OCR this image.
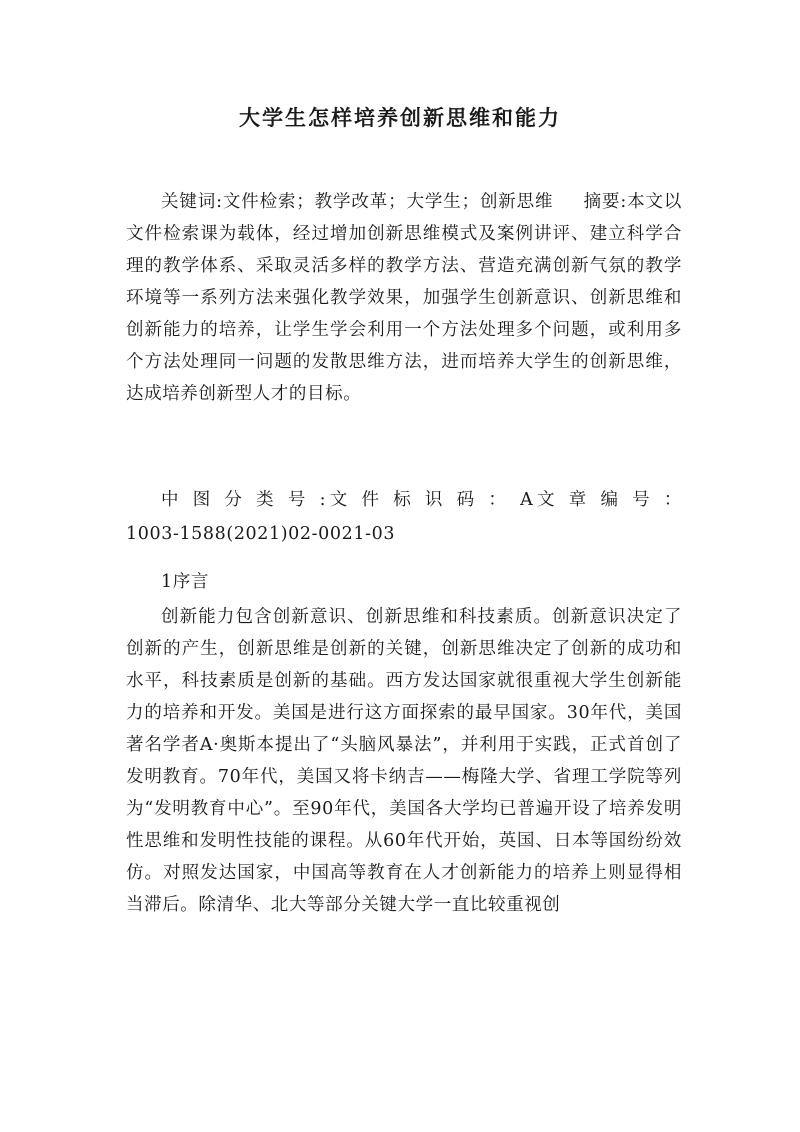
大学生怎样培养创新思维和能力

关键词:文件检索；教学改革；大学生；创新思维 摘要:本文以文件检索课为载体，经过增加创新思维模式及案例讲评、建立科学合理的教学体系、采取灵活多样的教学方法、营造充满创新气氛的教学环境等一系列方法来强化教学效果，加强学生创新意识、创新思维和创新能力的培养，让学生学会利用一个方法处理多个问题，或利用多个方法处理同一问题的发散思维方法，进而培养大学生的创新思维，达成培养创新型人才的目标。

中 图 分 类 号 :文 件 标 识 码 ： A文 章 编 号 ：

1003-1588(2021)02-0021-03

1序言

创新能力包含创新意识、创新思维和科技素质。创新意识决定了创新的产生，创新思维是创新的关键，创新思维决定了创新的成功和水平，科技素质是创新的基础。西方发达国家就很重视大学生创新能力的培养和开发。美国是进行这方面探索的最早国家。30年代，美国著名学者A·奥斯本提出了“头脑风暴法”，并利用于实践，正式首创了发明教育。70年代，美国又将卡纳吉——梅隆大学、省理工学院等列为“发明教育中心”。至90年代，美国各大学均已普遍开设了培养发明性思维和发明性技能的课程。从60年代开始，英国、日本等国纷纷效仿。对照发达国家，中国高等教育在人才创新能力的培养上则显得相当滞后。除清华、北大等部分关键大学一直比较重视创
